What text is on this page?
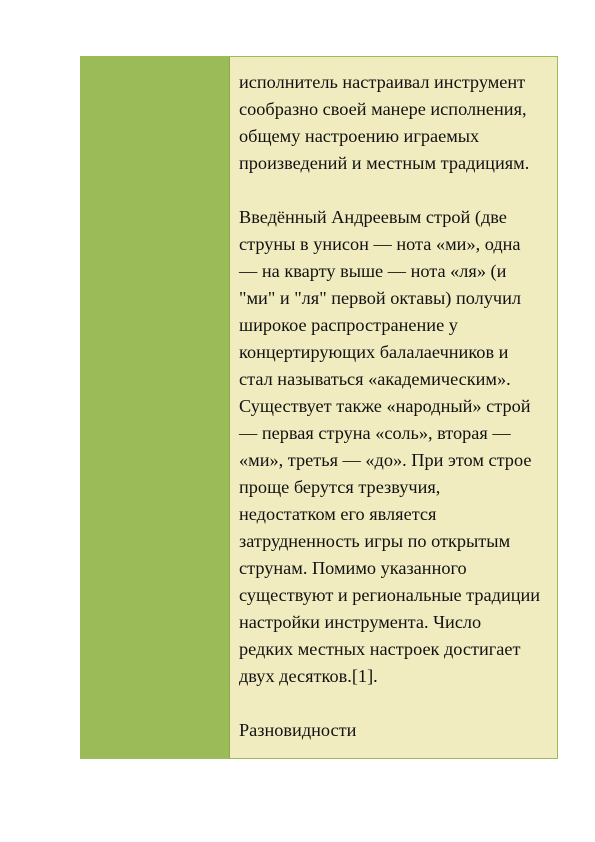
исполнитель настраивал инструмент
сообразно своей манере исполнения,
общему настроению играемых
произведений и местным традициям.

Введённый Андреевым строй (две
струны в унисон — нота «ми», одна
— на кварту выше — нота «ля» (и
"ми" и "ля" первой октавы) получил
широкое распространение у
концертирующих балалаечников и
стал называться «академическим».
Существует также «народный» строй
— первая струна «соль», вторая —
«ми», третья — «до». При этом строе
проще берутся трезвучия,
недостатком его является
затрудненность игры по открытым
струнам. Помимо указанного
существуют и региональные традиции
настройки инструмента. Число
редких местных настроек достигает
двух десятков.[1].

Разновидности
